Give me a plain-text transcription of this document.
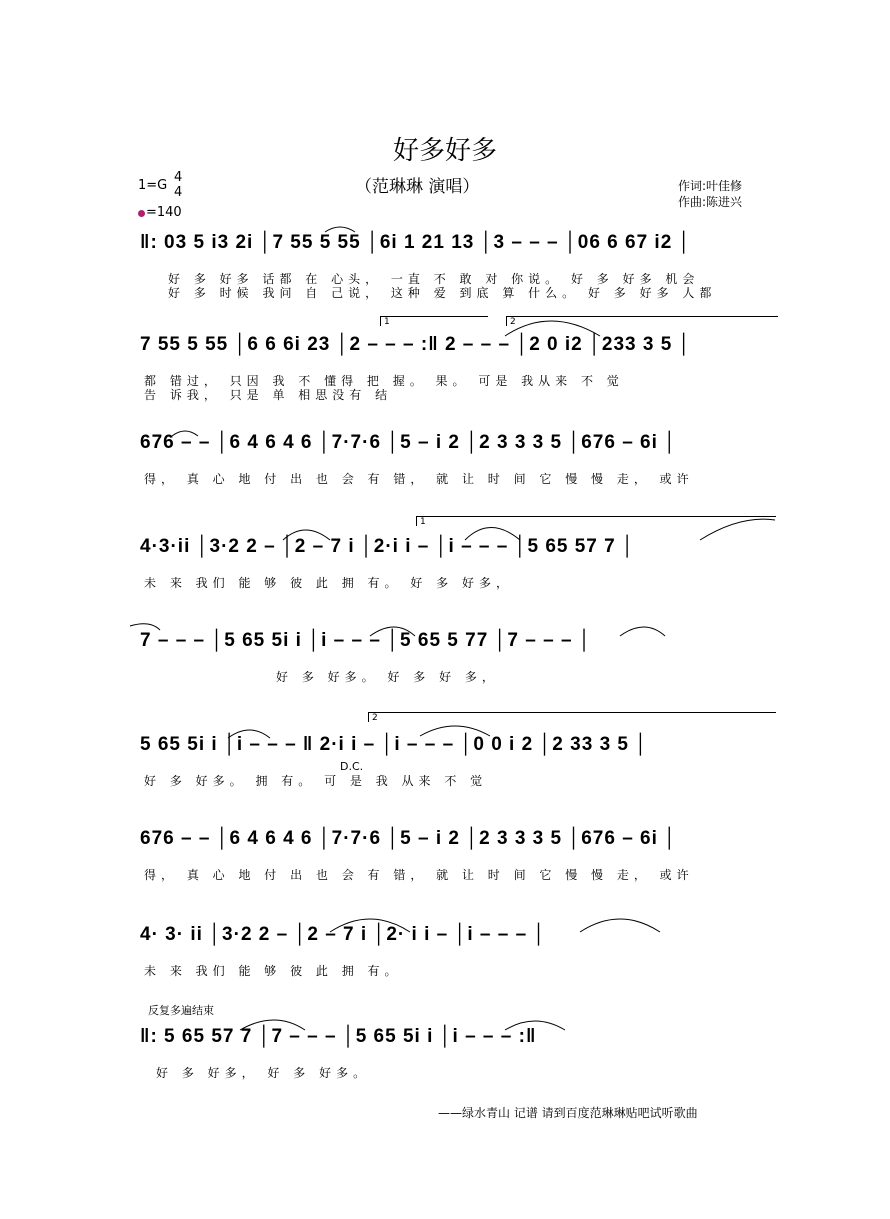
好多好多
（范琳琳 演唱）
1=G
4
4
=140
作词:叶佳修
作曲:陈进兴
‖: 03 5 i3 2i │7 55 5 55 │6i 1 21 13 │3 – – – │06 6 67 i2 │
好 多 好多 话都 在 心头， 一直 不 敢 对 你说。 好 多 好多 机会
好 多 时候 我问 自 己说， 这种 爱 到底 算 什么。 好 多 好多 人都
1	2
7 55 5 55 │6 6 6i 23 │2 – – – :‖ 2 – – – │2 0 i2 │233 3 5 │
都 错过， 只因 我 不 懂得 把 握。 果。 可是 我从来 不 觉
告 诉我， 只是 单 相思没有 结
676 – – │6 4 6 4 6 │7·7·6 │5 – i 2 │2 3 3 3 5 │676 – 6i │
得， 真 心 地 付 出 也 会 有 错， 就 让 时 间 它 慢 慢 走， 或许
1
4·3·ii │3·2 2 – │2 – 7 i │2·i i – │i – – – │5 65 57 7 │
未 来 我们 能 够 彼 此 拥 有。 好 多 好多，
7 – – – │5 65 5i i │i – – – │5 65 5 77 │7 – – – │
好 多 好多。 好 多 好 多，
2
D.C.
5 65 5i i │i – – – ‖ 2·i i – │i – – – │0 0 i 2 │2 33 3 5 │
好 多 好多。 拥 有。 可 是 我 从来 不 觉
676 – – │6 4 6 4 6 │7·7·6 │5 – i 2 │2 3 3 3 5 │676 – 6i │
得， 真 心 地 付 出 也 会 有 错， 就 让 时 间 它 慢 慢 走， 或许
4· 3· ii │3·2 2 – │2 – 7 i │2· i i – │i – – – │
未 来 我们 能 够 彼 此 拥 有。
反复多遍结束
‖: 5 65 57 7 │7 – – – │5 65 5i i │i – – – :‖
好 多 好多， 好 多 好多。
——绿水青山 记谱 请到百度范琳琳贴吧试听歌曲
